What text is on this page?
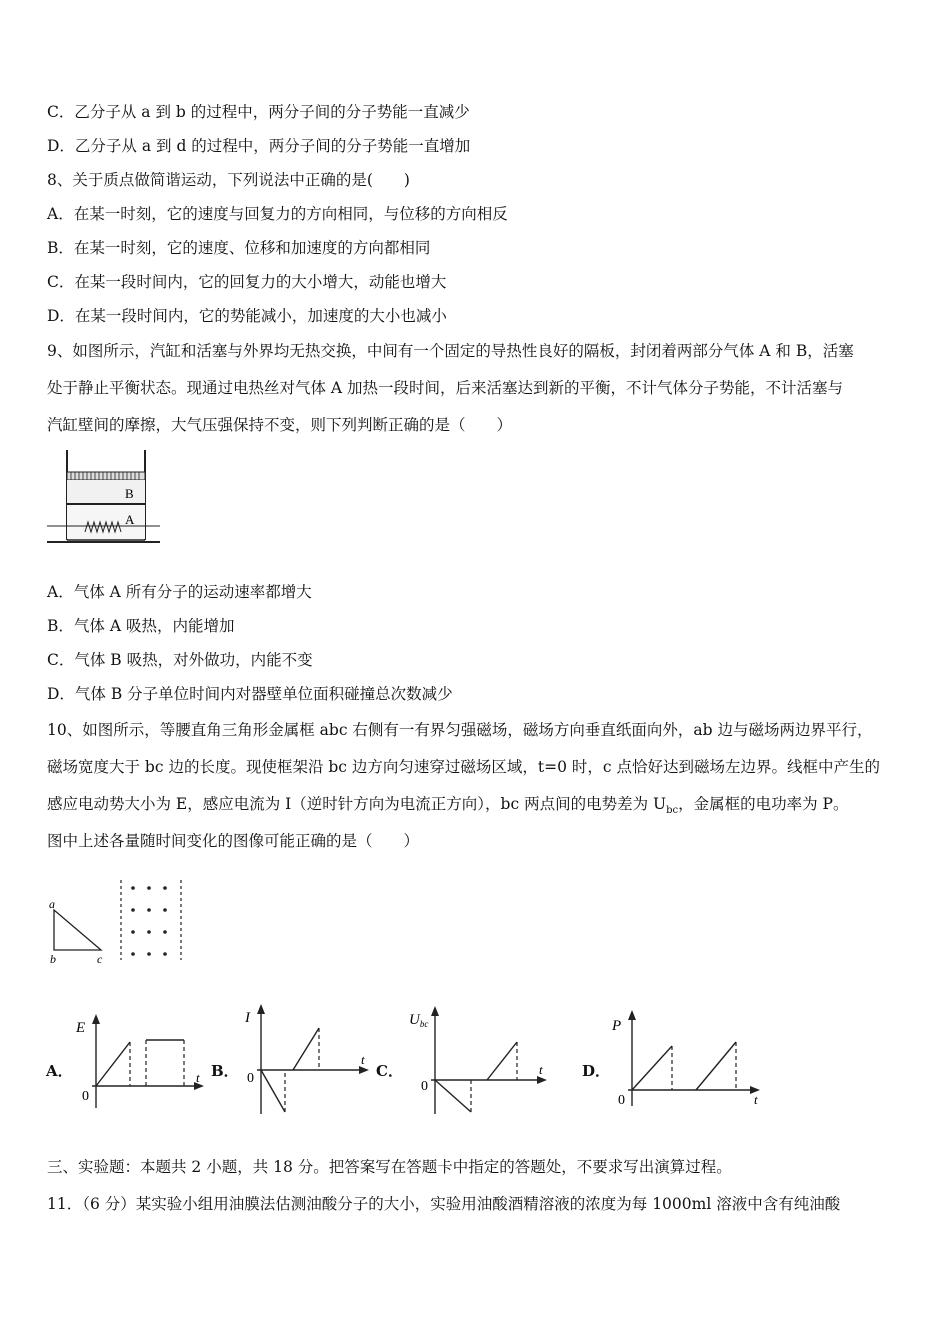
C．乙分子从 a 到 b 的过程中，两分子间的分子势能一直减少
D．乙分子从 a 到 d 的过程中，两分子间的分子势能一直增加
8、关于质点做简谐运动，下列说法中正确的是(　　)
A．在某一时刻，它的速度与回复力的方向相同，与位移的方向相反
B．在某一时刻，它的速度、位移和加速度的方向都相同
C．在某一段时间内，它的回复力的大小增大，动能也增大
D．在某一段时间内，它的势能减小，加速度的大小也减小
9、如图所示，汽缸和活塞与外界均无热交换，中间有一个固定的导热性良好的隔板，封闭着两部分气体 A 和 B，活塞
处于静止平衡状态。现通过电热丝对气体 A 加热一段时间，后来活塞达到新的平衡，不计气体分子势能，不计活塞与
汽缸壁间的摩擦，大气压强保持不变，则下列判断正确的是（　　）
B
A
A．气体 A 所有分子的运动速率都增大
B．气体 A 吸热，内能增加
C．气体 B 吸热，对外做功，内能不变
D．气体 B 分子单位时间内对器壁单位面积碰撞总次数减少
10、如图所示，等腰直角三角形金属框 abc 右侧有一有界匀强磁场，磁场方向垂直纸面向外，ab 边与磁场两边界平行，
磁场宽度大于 bc 边的长度。现使框架沿 bc 边方向匀速穿过磁场区域，t=0 时，c 点恰好达到磁场左边界。线框中产生的
感应电动势大小为 E，感应电流为 I（逆时针方向为电流正方向），bc 两点间的电势差为 $U_{bc}$，金属框的电功率为 P。
图中上述各量随时间变化的图像可能正确的是（　　）
a
b	c
A．
E
t
0
B．
I
t
0	C．
$U_{bc}$
t
0
D．
P
t
0
三、实验题：本题共 2 小题，共 18 分。把答案写在答题卡中指定的答题处，不要求写出演算过程。
11．（6 分）某实验小组用油膜法估测油酸分子的大小，实验用油酸酒精溶液的浓度为每 1000ml 溶液中含有纯油酸
